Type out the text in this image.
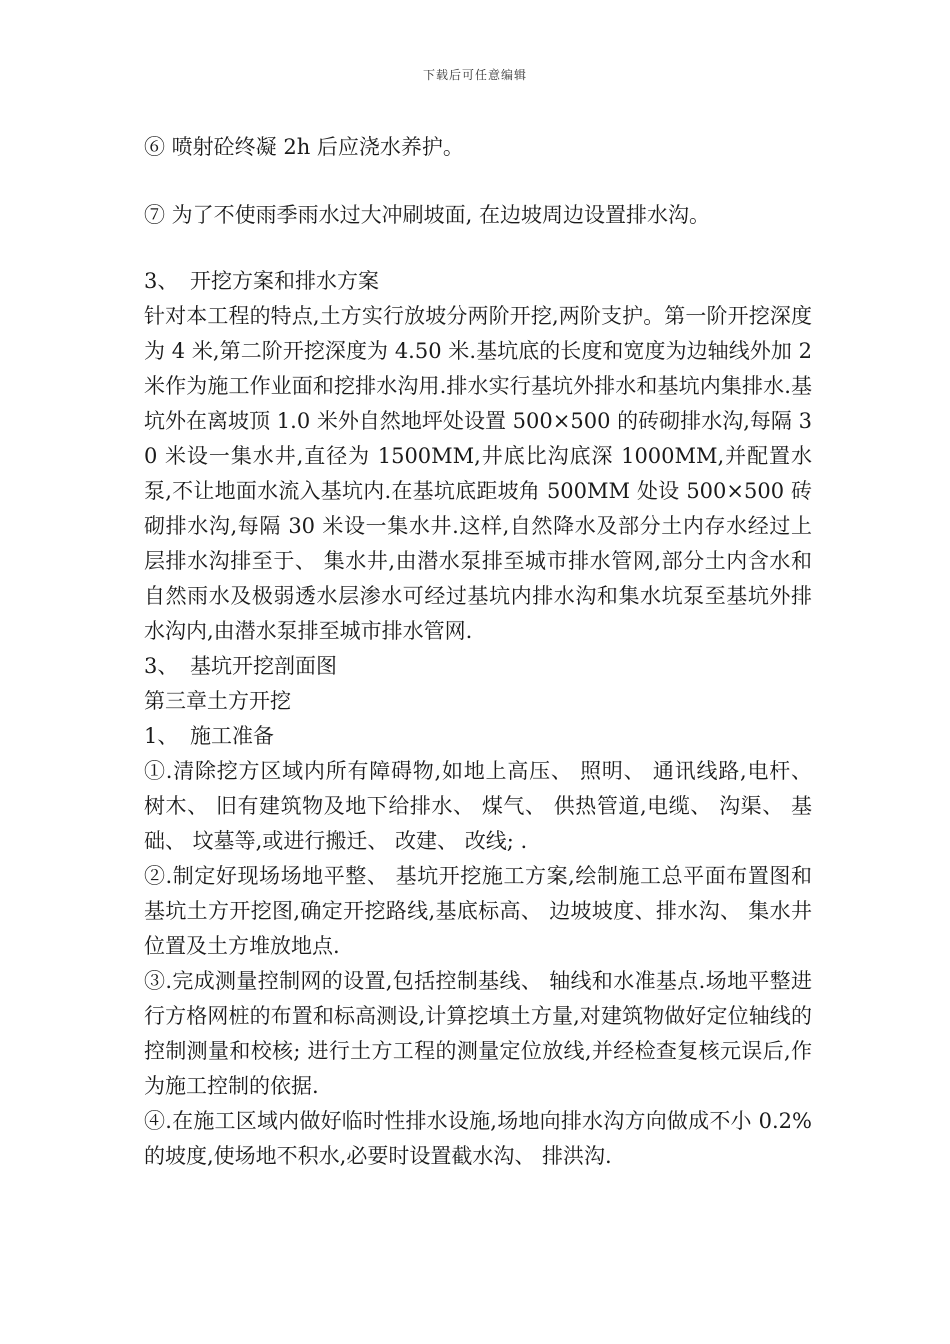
下载后可任意编辑

⑥ 喷射砼终凝 2h 后应浇水养护。

⑦ 为了不使雨季雨水过大冲刷坡面, 在边坡周边设置排水沟。

3、 开挖方案和排水方案

针对本工程的特点,土方实行放坡分两阶开挖,两阶支护。第一阶开挖深度为 4 米,第二阶开挖深度为 4.50 米.基坑底的长度和宽度为边轴线外加 2 米作为施工作业面和挖排水沟用.排水实行基坑外排水和基坑内集排水.基坑外在离坡顶 1.0 米外自然地坪处设置 500×500 的砖砌排水沟,每隔 30 米设一集水井,直径为 1500MM,井底比沟底深 1000MM,并配置水泵,不让地面水流入基坑内.在基坑底距坡角 500MM 处设 500×500 砖砌排水沟,每隔 30 米设一集水井.这样,自然降水及部分土内存水经过上层排水沟排至于、 集水井,由潜水泵排至城市排水管网,部分土内含水和自然雨水及极弱透水层渗水可经过基坑内排水沟和集水坑泵至基坑外排水沟内,由潜水泵排至城市排水管网.

3、 基坑开挖剖面图

第三章土方开挖

1、 施工准备

①.清除挖方区域内所有障碍物,如地上高压、 照明、 通讯线路,电杆、 树木、 旧有建筑物及地下给排水、 煤气、 供热管道,电缆、 沟渠、 基础、 坟墓等,或进行搬迁、 改建、 改线; .

②.制定好现场场地平整、 基坑开挖施工方案,绘制施工总平面布置图和基坑土方开挖图,确定开挖路线,基底标高、 边坡坡度、排水沟、 集水井位置及土方堆放地点.

③.完成测量控制网的设置,包括控制基线、 轴线和水准基点.场地平整进行方格网桩的布置和标高测设,计算挖填土方量,对建筑物做好定位轴线的控制测量和校核; 进行土方工程的测量定位放线,并经检查复核元误后,作为施工控制的依据.

④.在施工区域内做好临时性排水设施,场地向排水沟方向做成不小 0.2%的坡度,使场地不积水,必要时设置截水沟、 排洪沟.
